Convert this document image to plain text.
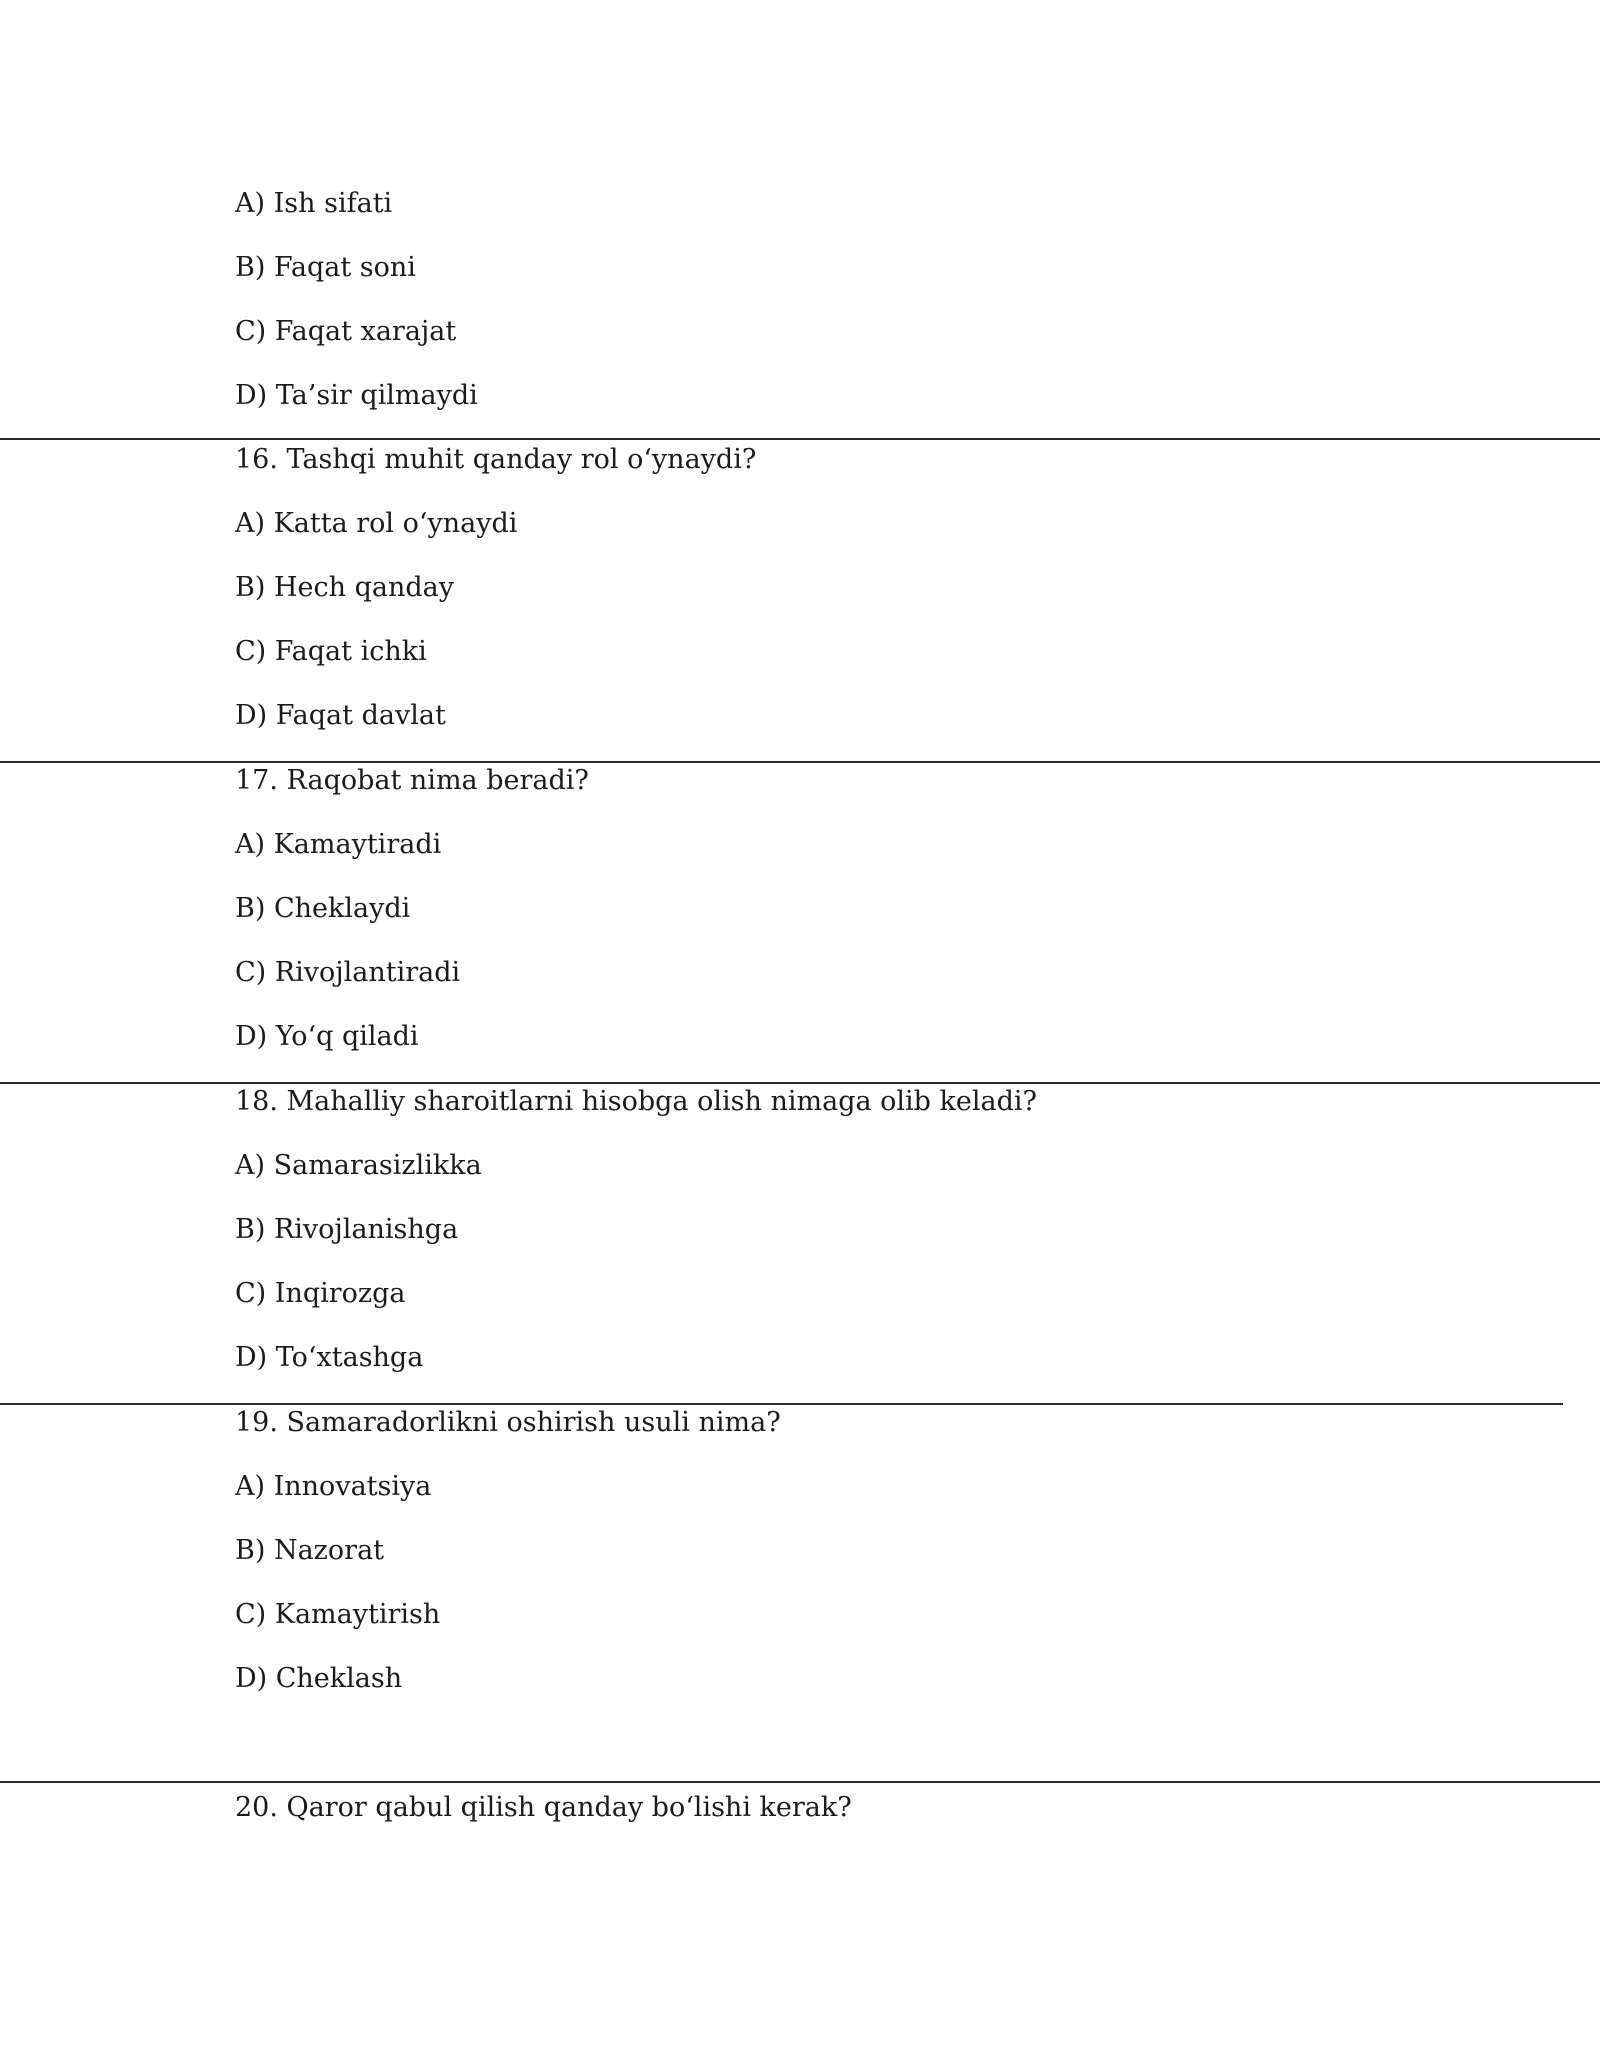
A) Ish sifati
B) Faqat soni
C) Faqat xarajat
D) Ta’sir qilmaydi
16. Tashqi muhit qanday rol o‘ynaydi?
A) Katta rol o‘ynaydi
B) Hech qanday
C) Faqat ichki
D) Faqat davlat
17. Raqobat nima beradi?
A) Kamaytiradi
B) Cheklaydi
C) Rivojlantiradi
D) Yo‘q qiladi
18. Mahalliy sharoitlarni hisobga olish nimaga olib keladi?
A) Samarasizlikka
B) Rivojlanishga
C) Inqirozga
D) To‘xtashga
19. Samaradorlikni oshirish usuli nima?
A) Innovatsiya
B) Nazorat
C) Kamaytirish
D) Cheklash
20. Qaror qabul qilish qanday bo‘lishi kerak?
